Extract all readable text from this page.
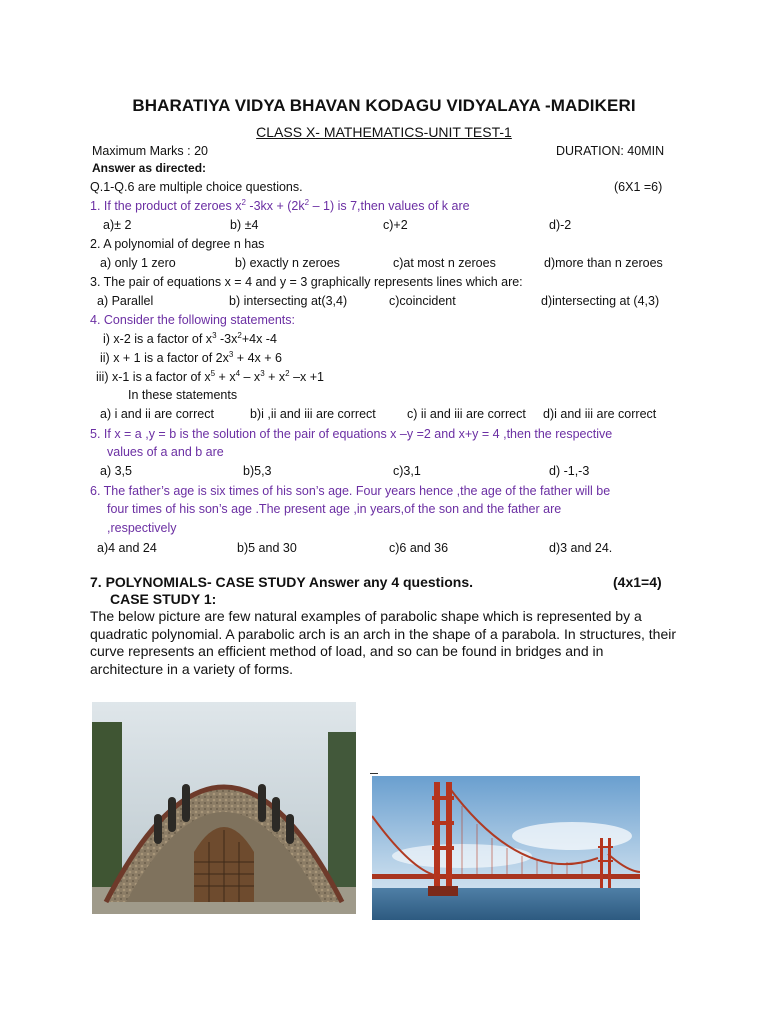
BHARATIYA VIDYA BHAVAN KODAGU VIDYALAYA -MADIKERI
CLASS X- MATHEMATICS-UNIT TEST-1
Maximum Marks : 20	DURATION: 40MIN
Answer as directed:
Q.1-Q.6 are multiple choice questions.	(6X1 =6)
1. If the product of zeroes $x^2$ $-3kx + (2k^2 - 1)$ is 7,then values of k are
a)± 2	b) ±4	c)+2	d)-2
2. A polynomial of degree n has
a) only 1 zero	b) exactly n zeroes	c)at most n zeroes	d)more than n zeroes
3. The pair of equations x = 4 and y = 3 graphically represents lines which are:
a) Parallel	b) intersecting at(3,4)	c)coincident	d)intersecting at (4,3)
4. Consider the following statements:
i) x-2 is a factor of $x^3$ $-3x^2+4x$ -4
ii) x + 1 is a factor of $2x^3 + 4x + 6$
iii) x-1 is a factor of $x^5 + x^4 - x^3 + x^2$ –x +1
In these statements
a) i and ii are correct	b)i ,ii and iii are correct	c) ii and iii are correct d)i and iii are correct
5. If x = a ,y = b is the solution of the pair of equations x –y =2 and x+y = 4 ,then the respective
values of a and b are
a) 3,5	b)5,3	c)3,1	d) -1,-3
6. The father’s age is six times of his son’s age. Four years hence ,the age of the father will be
four times of his son’s age .The present age ,in years,of the son and the father are
,respectively
a)4 and 24	b)5 and 30	c)6 and 36	d)3 and 24.
7. POLYNOMIALS- CASE STUDY Answer any 4 questions.	(4x1=4)
CASE STUDY 1:
The below picture are few natural examples of parabolic shape which is represented by a quadratic polynomial. A parabolic arch is an arch in the shape of a parabola. In structures, their curve represents an efficient method of load, and so can be found in bridges and in architecture in a variety of forms.
